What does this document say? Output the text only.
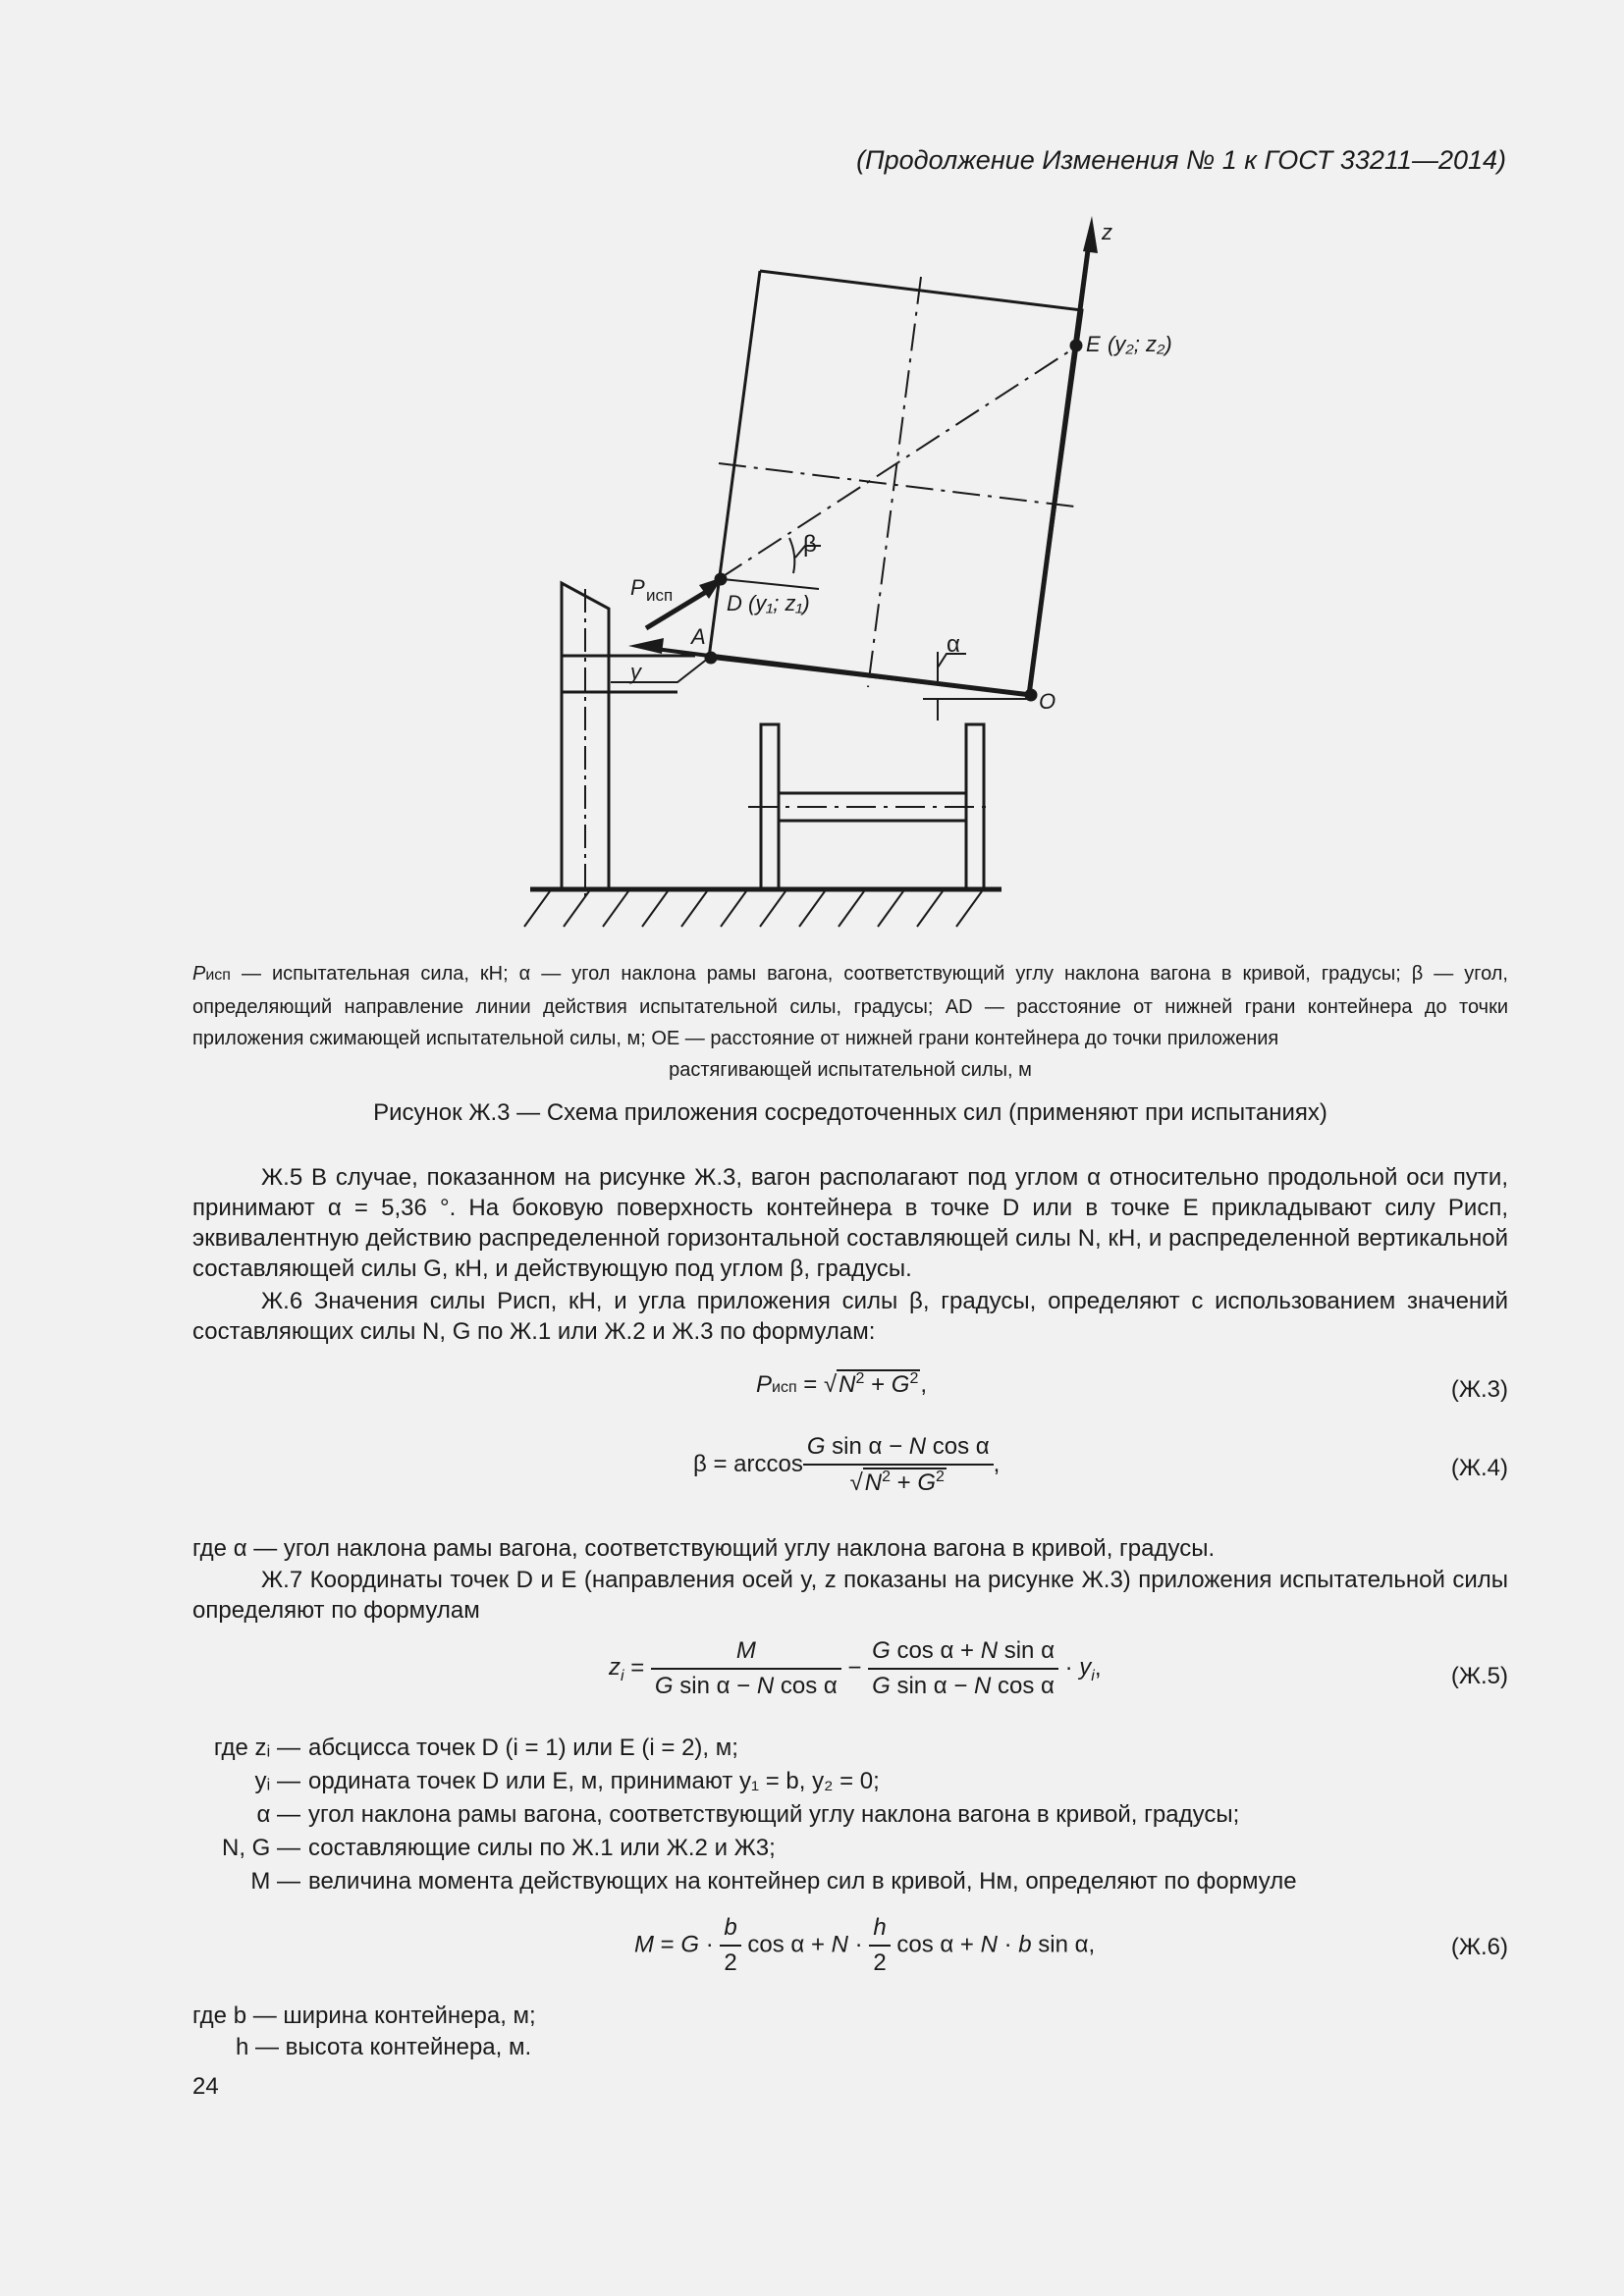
(Продолжение Изменения № 1 к ГОСТ 33211—2014)
z
E (y₂; z₂)
D (y₁; z₁)
A
y
O
P исп
β
α
Pисп — испытательная сила, кН; α — угол наклона рамы вагона, соответствующий углу наклона вагона в кривой, градусы; β — угол, определяющий направление линии действия испытательной силы, градусы; AD — расстояние от нижней грани контейнера до точки приложения сжимающей испытательной силы, м; OE — расстояние от нижней грани контейнера до точки приложения
растягивающей испытательной силы, м
Рисунок Ж.3 — Схема приложения сосредоточенных сил (применяют при испытаниях)
Ж.5 В случае, показанном на рисунке Ж.3, вагон располагают под углом α относительно продольной оси пути, принимают α = 5,36 °. На боковую поверхность контейнера в точке D или в точке E прикладывают силу Pисп, эквивалентную действию распределенной горизонтальной составляющей силы N, кН, и распределенной вертикальной составляющей силы G, кН, и действующую под углом β, градусы.
Ж.6 Значения силы Pисп, кН, и угла приложения силы β, градусы, определяют с использованием значений составляющих силы N, G по Ж.1 или Ж.2 и Ж.3 по формулам:
Pисп = $√N^2 + G^2$,	(Ж.3)
$\beta = \arccos \frac{\text{G sin α − N cos α}}{√N^2 + G^2}$ ,	(Ж.4)
где α — угол наклона рамы вагона, соответствующий углу наклона вагона в кривой, градусы.
Ж.7 Координаты точек D и E (направления осей y, z показаны на рисунке Ж.3) приложения испытательной силы определяют по формулам
$z_i = \frac{M}{\text{G sin α − N cos α}} - \frac{\text{G cos α + N sin α}}{\text{G sin α − N cos α}} \cdot y_i$,	(Ж.5)
где zᵢ — абсцисса точек D (i = 1) или E (i = 2), м;
yᵢ — ордината точек D или E, м, принимают y₁ = b, y₂ = 0;
α — угол наклона рамы вагона, соответствующий углу наклона вагона в кривой, градусы;
N, G — составляющие силы по Ж.1 или Ж.2 и Ж3;
M — величина момента действующих на контейнер сил в кривой, Нм, определяют по формуле
$M = G \cdot \frac{b}{2}$ $\cos \alpha + N \cdot \frac{h}{2}$ cos α + N · b sin α,	(Ж.6)
где b — ширина контейнера, м;
h — высота контейнера, м.
24
